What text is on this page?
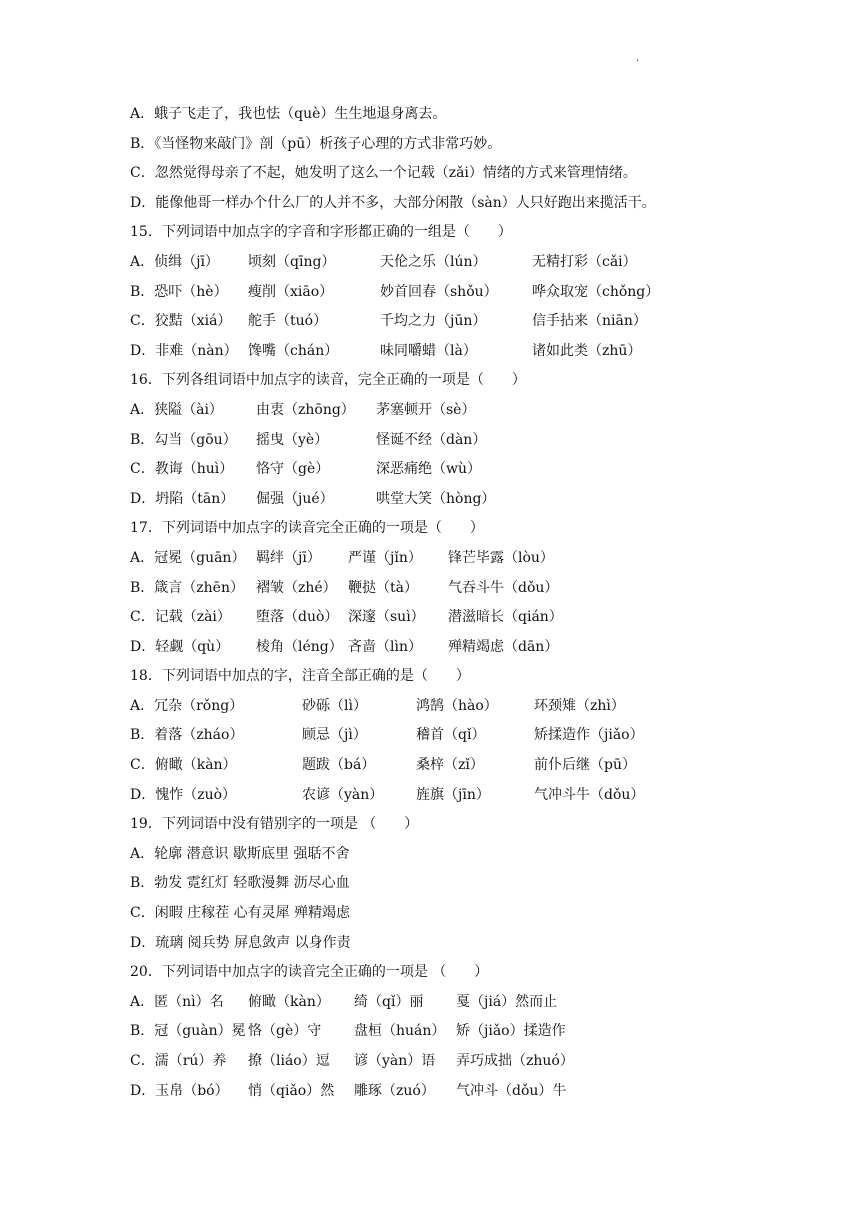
·
A．蛾子飞走了，我也怯（què）生生地退身离去。
B．《当怪物来敲门》剖（pū）析孩子心理的方式非常巧妙。
C．忽然觉得母亲了不起，她发明了这么一个记载（zǎi）情绪的方式来管理情绪。
D．能像他哥一样办个什么厂的人并不多，大部分闲散（sàn）人只好跑出来揽活干。
15．下列词语中加点字的字音和字形都正确的一组是（　　）
A．侦缉（jī） 顷刻（qīng）	天伦之乐（lún）	无精打彩（cǎi）
B．恐吓（hè） 瘦削（xiāo）	妙首回春（shǒu） 哗众取宠（chǒng）
C．狡黠（xiá） 舵手（tuó）	千均之力（jūn）	信手拈来（niān）
D．非难（nàn） 馋嘴（chán）	味同嚼蜡（là）	诸如此类（zhū）
16．下列各组词语中加点字的读音，完全正确的一项是（　　）
A．狭隘（ài） 由衷（zhōng） 茅塞顿开（sè）
B．勾当（gōu） 摇曳（yè）	怪诞不经（dàn）
C．教诲（huì） 恪守（gè）	深恶痛绝（wù）
D．坍陷（tān） 倔强（jué）	哄堂大笑（hòng）
17．下列词语中加点字的读音完全正确的一项是（　　）
A．冠冕（guān） 羁绊（jī） 严谨（jǐn） 锋芒毕露（lòu）
B．箴言（zhēn） 褶皱（zhé） 鞭挞（tà） 气吞斗牛（dǒu）
C．记载（zài） 堕落（duò） 深邃（suì） 潜滋暗长（qián）
D．轻觑（qù） 棱角（léng） 吝啬（lìn） 殚精竭虑（dān）
18．下列词语中加点的字，注音全部正确的是（　　）
A．冗杂（rǒng）	砂砾（lì）	鸿鹄（hào）	环颈雉（zhì）
B．着落（zháo）	顾忌（jì）	稽首（qǐ）	矫揉造作（jiǎo）
C．俯瞰（kàn）	题跋（bá）	桑梓（zǐ）	前仆后继（pū）
D．愧怍（zuò）	农谚（yàn） 旌旗（jīn）	气冲斗牛（dǒu）
19．下列词语中没有错别字的一项是 （　　）
A．轮廓 潜意识 歇斯底里 强聒不舍
B．勃发 霓红灯 轻歌漫舞 沥尽心血
C．闲暇 庄稼茬 心有灵犀 殚精竭虑
D．琉璃 阅兵势 屏息敛声 以身作责
20．下列词语中加点字的读音完全正确的一项是 （　　）
A．匿（nì）名 俯瞰（kàn） 绮（qǐ）丽 戛（jiá）然而止
B．冠（guàn）冕 恪（gè）守 盘桓（huán） 矫（jiǎo）揉造作
C．濡（rú）养 撩（liáo）逗 谚（yàn）语 弄巧成拙（zhuó）
D．玉帛（bó） 悄（qiǎo）然 雕琢（zuó） 气冲斗（dǒu）牛
